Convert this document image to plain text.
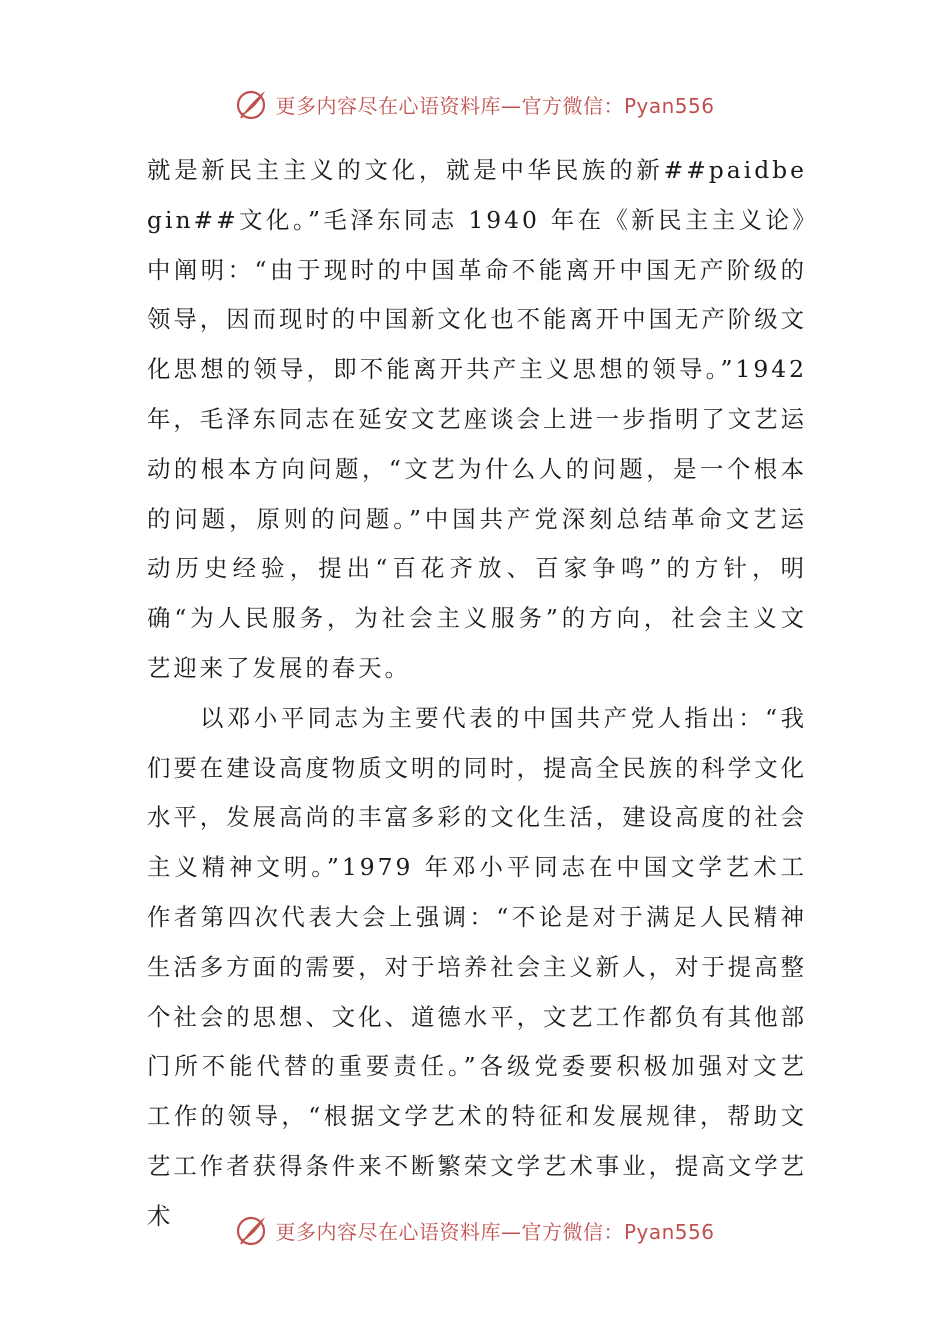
更多内容尽在心语资料库—官方微信：Pyan556

就是新民主主义的文化，就是中华民族的新##paidbegin##文化。”毛泽东同志 1940 年在《新民主主义论》中阐明：“由于现时的中国革命不能离开中国无产阶级的领导，因而现时的中国新文化也不能离开中国无产阶级文化思想的领导，即不能离开共产主义思想的领导。”1942 年，毛泽东同志在延安文艺座谈会上进一步指明了文艺运动的根本方向问题，“文艺为什么人的问题，是一个根本的问题，原则的问题。”中国共产党深刻总结革命文艺运动历史经验，提出“百花齐放、百家争鸣”的方针，明确“为人民服务，为社会主义服务”的方向，社会主义文艺迎来了发展的春天。

以邓小平同志为主要代表的中国共产党人指出：“我们要在建设高度物质文明的同时，提高全民族的科学文化水平，发展高尚的丰富多彩的文化生活，建设高度的社会主义精神文明。”1979 年邓小平同志在中国文学艺术工作者第四次代表大会上强调：“不论是对于满足人民精神生活多方面的需要，对于培养社会主义新人，对于提高整个社会的思想、文化、道德水平，文艺工作都负有其他部门所不能代替的重要责任。”各级党委要积极加强对文艺工作的领导，“根据文学艺术的特征和发展规律，帮助文艺工作者获得条件来不断繁荣文学艺术事业，提高文学艺术

更多内容尽在心语资料库—官方微信：Pyan556
